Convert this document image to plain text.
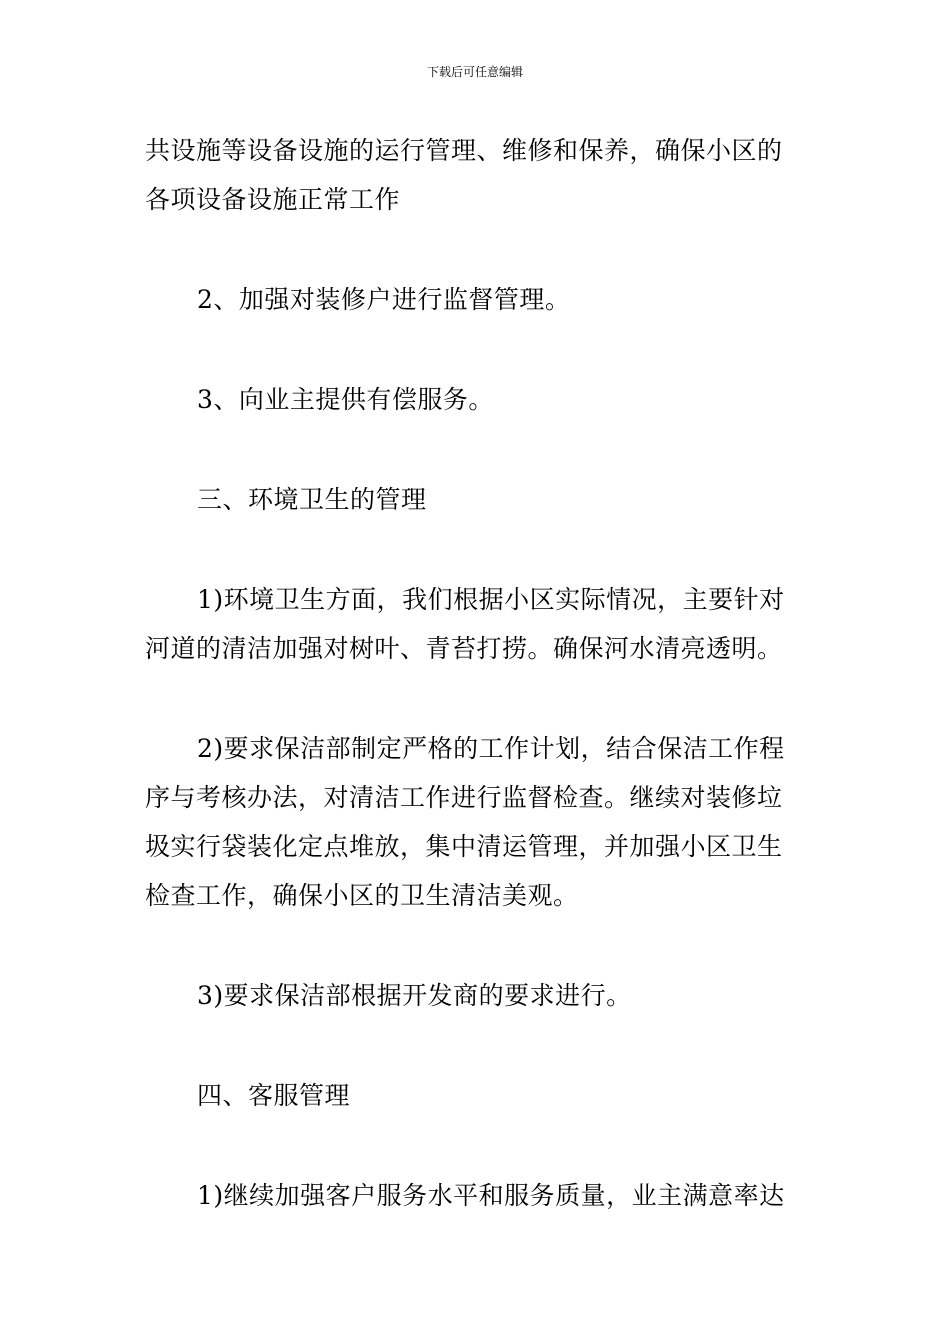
下载后可任意编辑

共设施等设备设施的运行管理、维修和保养，确保小区的
各项设备设施正常工作

2、加强对装修户进行监督管理。

3、向业主提供有偿服务。

三、环境卫生的管理

1)环境卫生方面，我们根据小区实际情况，主要针对
河道的清洁加强对树叶、青苔打捞。确保河水清亮透明。

2)要求保洁部制定严格的工作计划，结合保洁工作程
序与考核办法，对清洁工作进行监督检查。继续对装修垃
圾实行袋装化定点堆放，集中清运管理，并加强小区卫生
检查工作，确保小区的卫生清洁美观。

3)要求保洁部根据开发商的要求进行。

四、客服管理

1)继续加强客户服务水平和服务质量，业主满意率达
